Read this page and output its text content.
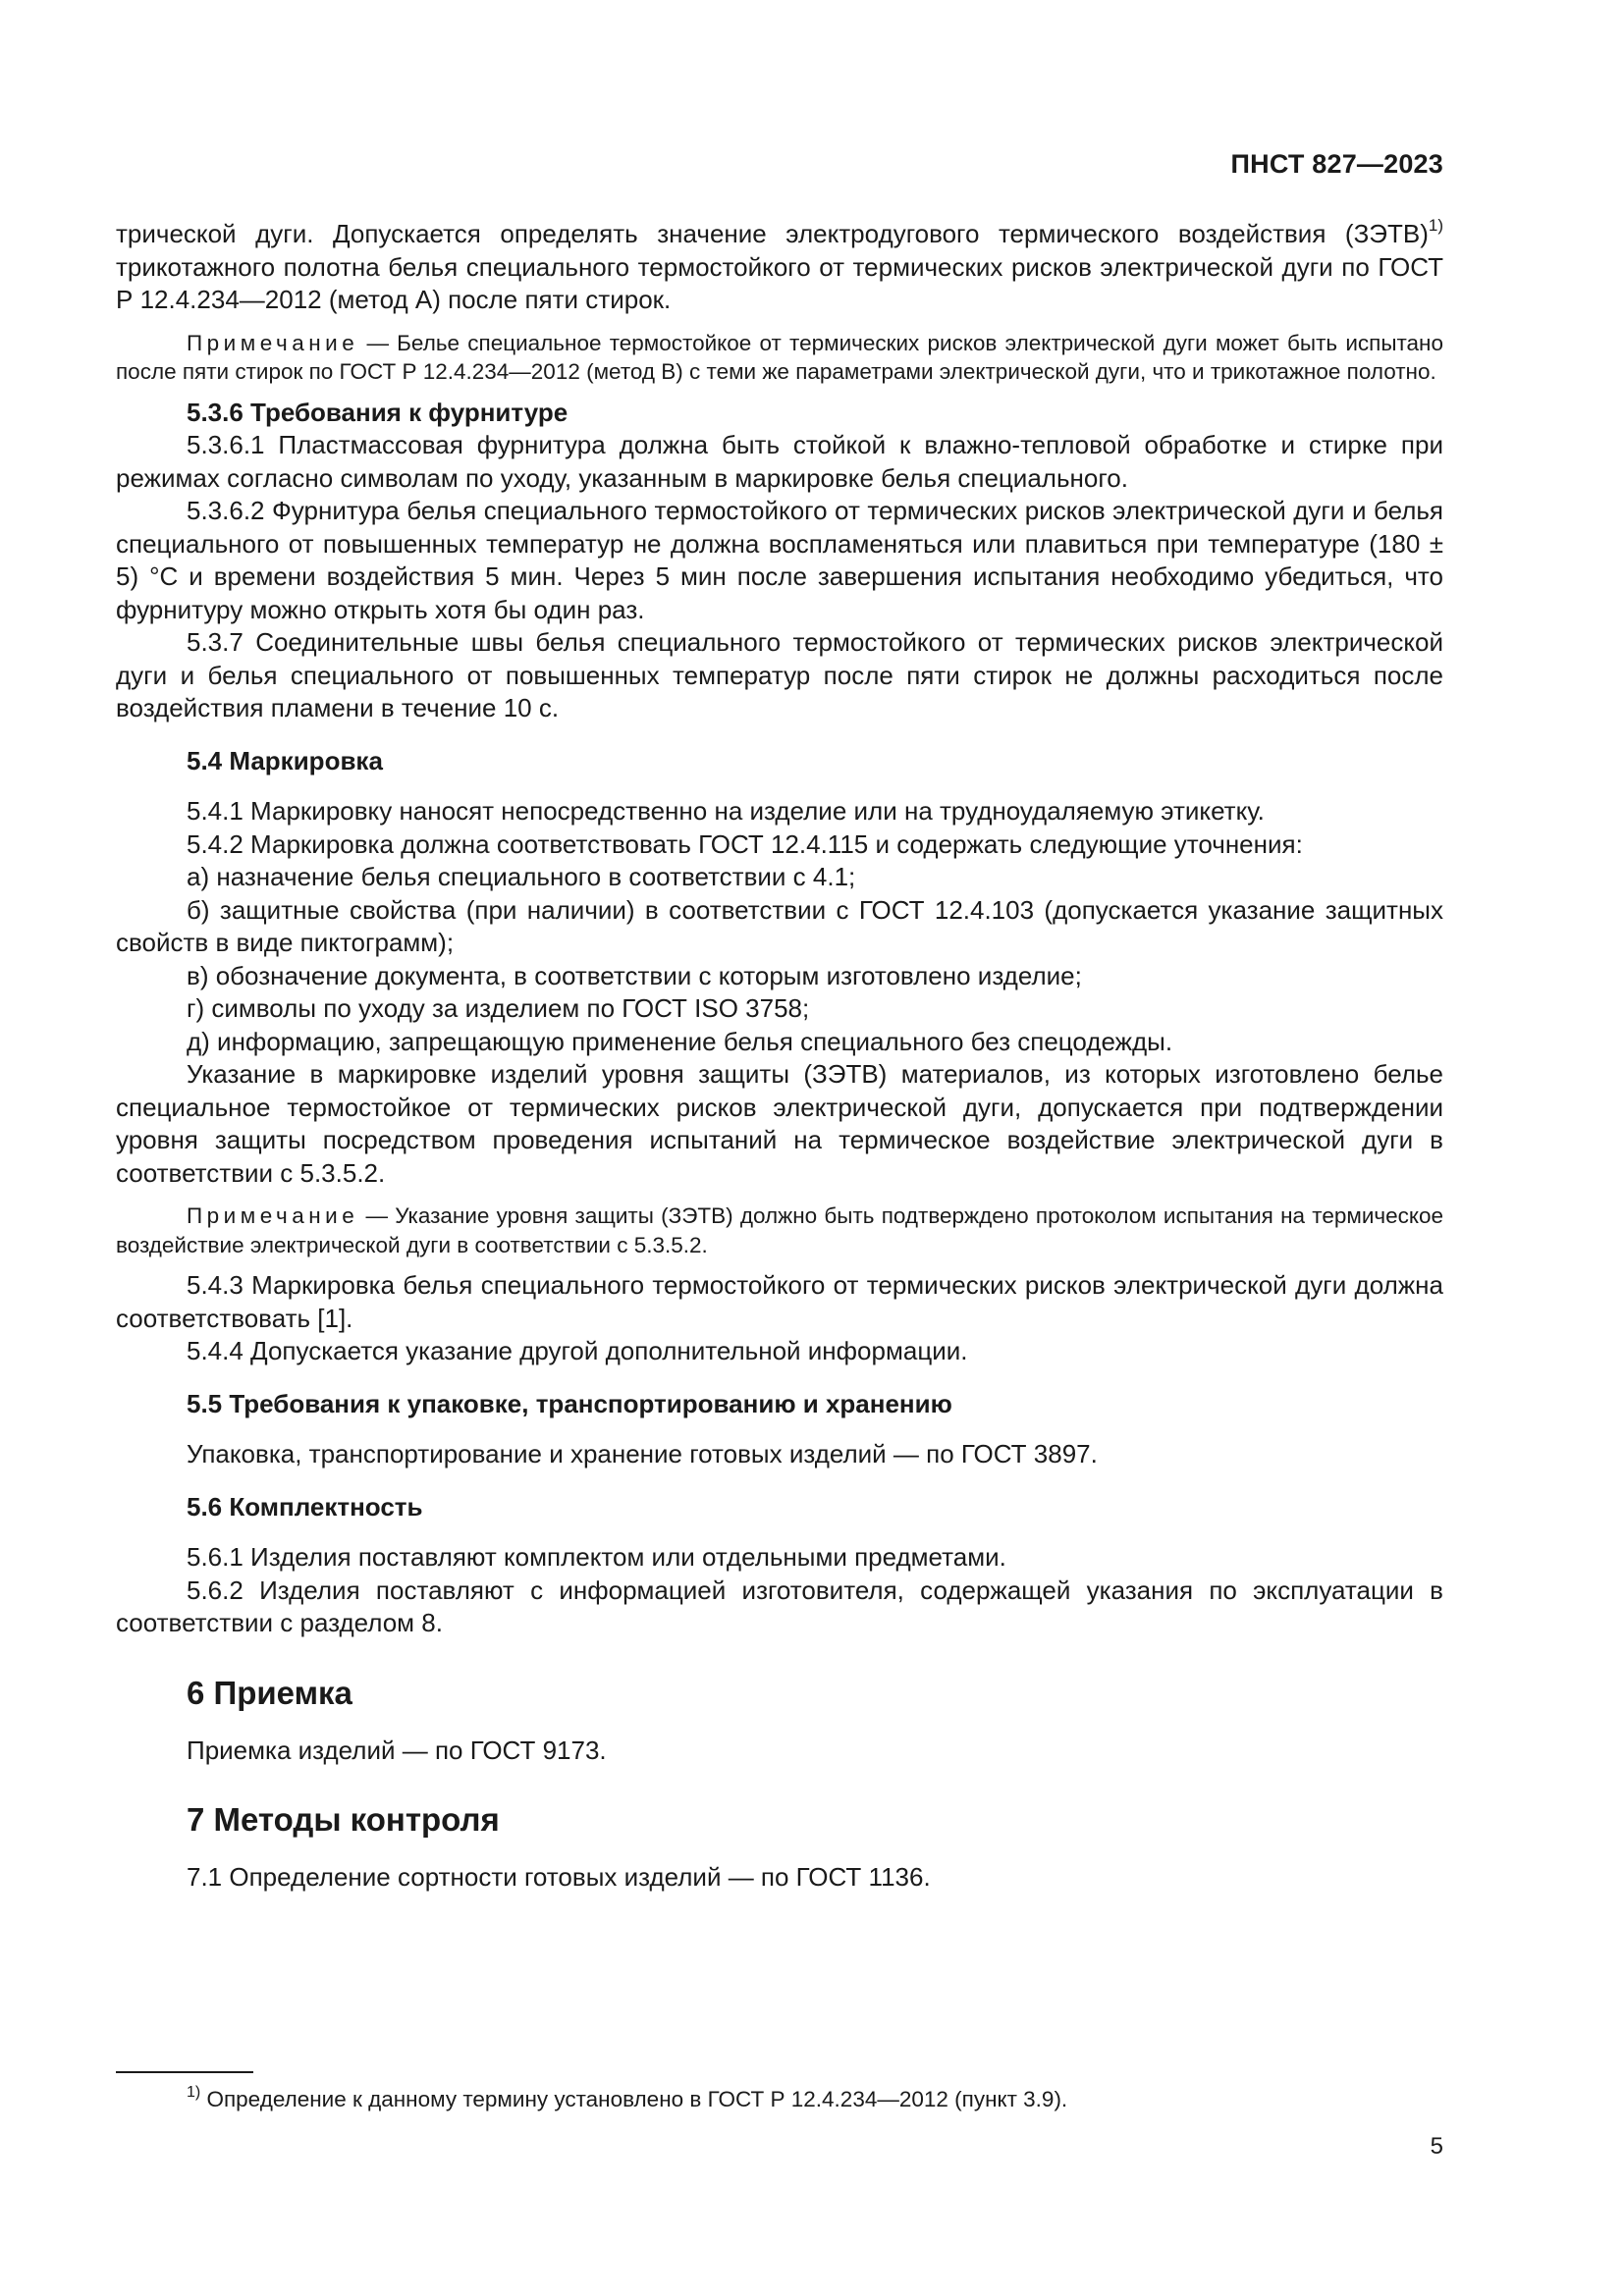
ПНСТ 827—2023

трической дуги. Допускается определять значение электродугового термического воздействия (ЗЭТВ)$^{1)}$ трикотажного полотна белья специального термостойкого от термических рисков электрической дуги по ГОСТ Р 12.4.234—2012 (метод А) после пяти стирок.

Примечание — Белье специальное термостойкое от термических рисков электрической дуги может быть испытано после пяти стирок по ГОСТ Р 12.4.234—2012 (метод В) с теми же параметрами электрической дуги, что и трикотажное полотно.

5.3.6 Требования к фурнитуре

5.3.6.1 Пластмассовая фурнитура должна быть стойкой к влажно-тепловой обработке и стирке при режимах согласно символам по уходу, указанным в маркировке белья специального.

5.3.6.2 Фурнитура белья специального термостойкого от термических рисков электрической дуги и белья специального от повышенных температур не должна воспламеняться или плавиться при температуре (180 ± 5) °С и времени воздействия 5 мин. Через 5 мин после завершения испытания необходимо убедиться, что фурнитуру можно открыть хотя бы один раз.

5.3.7 Соединительные швы белья специального термостойкого от термических рисков электрической дуги и белья специального от повышенных температур после пяти стирок не должны расходиться после воздействия пламени в течение 10 с.

5.4 Маркировка

5.4.1 Маркировку наносят непосредственно на изделие или на трудноудаляемую этикетку.

5.4.2 Маркировка должна соответствовать ГОСТ 12.4.115 и содержать следующие уточнения:

а) назначение белья специального в соответствии с 4.1;

б) защитные свойства (при наличии) в соответствии с ГОСТ 12.4.103 (допускается указание защитных свойств в виде пиктограмм);

в) обозначение документа, в соответствии с которым изготовлено изделие;

г) символы по уходу за изделием по ГОСТ ISO 3758;

д) информацию, запрещающую применение белья специального без спецодежды.

Указание в маркировке изделий уровня защиты (ЗЭТВ) материалов, из которых изготовлено белье специальное термостойкое от термических рисков электрической дуги, допускается при подтверждении уровня защиты посредством проведения испытаний на термическое воздействие электрической дуги в соответствии с 5.3.5.2.

Примечание — Указание уровня защиты (ЗЭТВ) должно быть подтверждено протоколом испытания на термическое воздействие электрической дуги в соответствии с 5.3.5.2.

5.4.3 Маркировка белья специального термостойкого от термических рисков электрической дуги должна соответствовать [1].

5.4.4 Допускается указание другой дополнительной информации.

5.5 Требования к упаковке, транспортированию и хранению

Упаковка, транспортирование и хранение готовых изделий — по ГОСТ 3897.

5.6 Комплектность

5.6.1 Изделия поставляют комплектом или отдельными предметами.

5.6.2 Изделия поставляют с информацией изготовителя, содержащей указания по эксплуатации в соответствии с разделом 8.

6 Приемка

Приемка изделий — по ГОСТ 9173.

7 Методы контроля

7.1 Определение сортности готовых изделий — по ГОСТ 1136.

$^{1)}$ Определение к данному термину установлено в ГОСТ Р 12.4.234—2012 (пункт 3.9).
5
